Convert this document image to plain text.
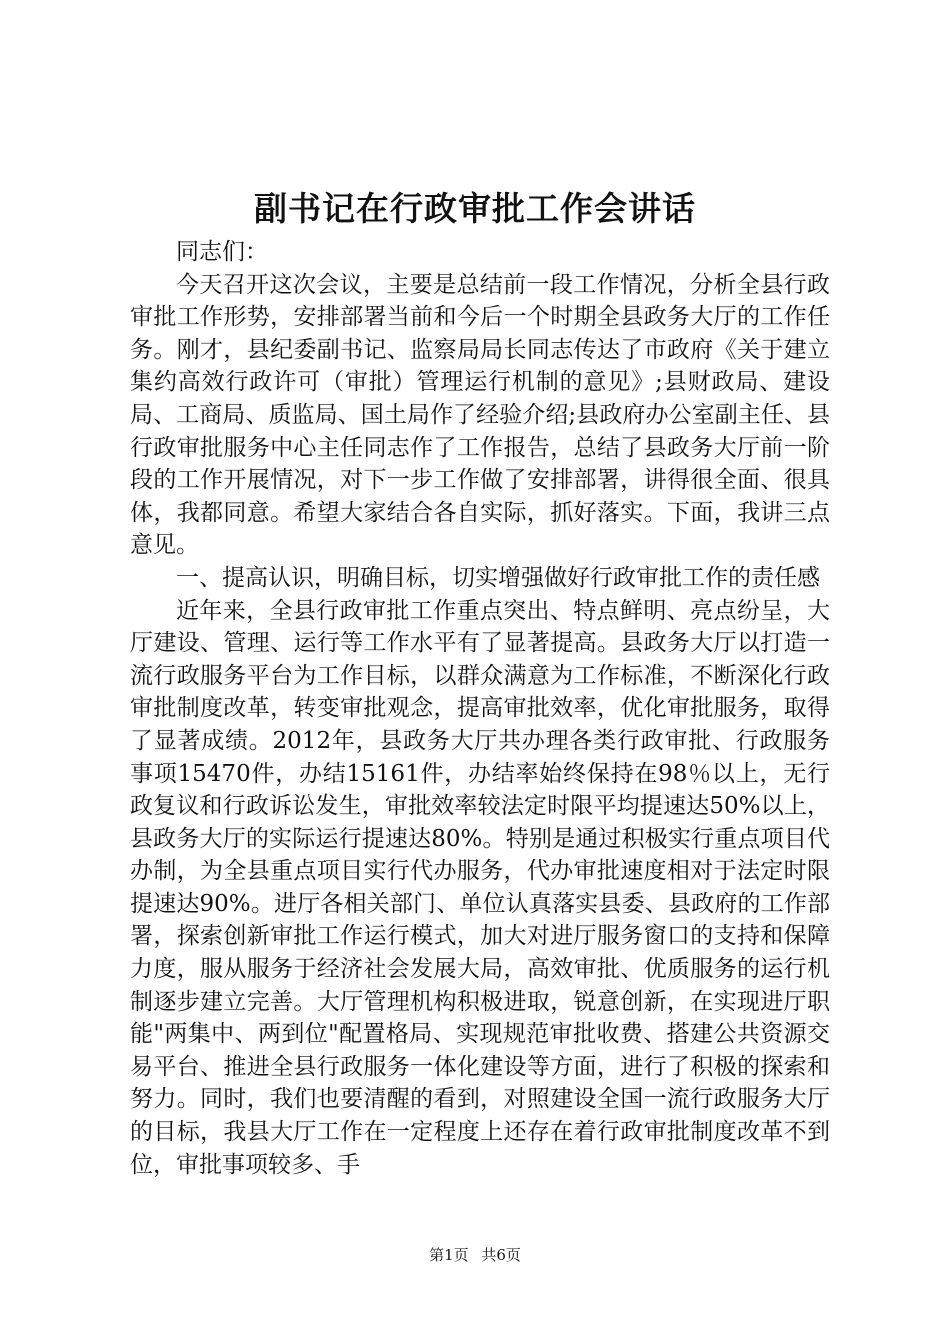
副书记在行政审批工作会讲话

同志们：

今天召开这次会议，主要是总结前一段工作情况，分析全县行政审批工作形势，安排部署当前和今后一个时期全县政务大厅的工作任务。刚才，县纪委副书记、监察局局长同志传达了市政府《关于建立集约高效行政许可（审批）管理运行机制的意见》;县财政局、建设局、工商局、质监局、国土局作了经验介绍;县政府办公室副主任、县行政审批服务中心主任同志作了工作报告，总结了县政务大厅前一阶段的工作开展情况，对下一步工作做了安排部署，讲得很全面、很具体，我都同意。希望大家结合各自实际，抓好落实。下面，我讲三点意见。

一、提高认识，明确目标，切实增强做好行政审批工作的责任感

近年来，全县行政审批工作重点突出、特点鲜明、亮点纷呈，大厅建设、管理、运行等工作水平有了显著提高。县政务大厅以打造一流行政服务平台为工作目标，以群众满意为工作标准，不断深化行政审批制度改革，转变审批观念，提高审批效率，优化审批服务，取得了显著成绩。2012年，县政务大厅共办理各类行政审批、行政服务事项15470件，办结15161件，办结率始终保持在98％以上，无行政复议和行政诉讼发生，审批效率较法定时限平均提速达50%以上，县政务大厅的实际运行提速达80%。特别是通过积极实行重点项目代办制，为全县重点项目实行代办服务，代办审批速度相对于法定时限提速达90%。进厅各相关部门、单位认真落实县委、县政府的工作部署，探索创新审批工作运行模式，加大对进厅服务窗口的支持和保障力度，服从服务于经济社会发展大局，高效审批、优质服务的运行机制逐步建立完善。大厅管理机构积极进取，锐意创新，在实现进厅职能"两集中、两到位"配置格局、实现规范审批收费、搭建公共资源交易平台、推进全县行政服务一体化建设等方面，进行了积极的探索和努力。同时，我们也要清醒的看到，对照建设全国一流行政服务大厅的目标，我县大厅工作在一定程度上还存在着行政审批制度改革不到位，审批事项较多、手

第1页 共6页
